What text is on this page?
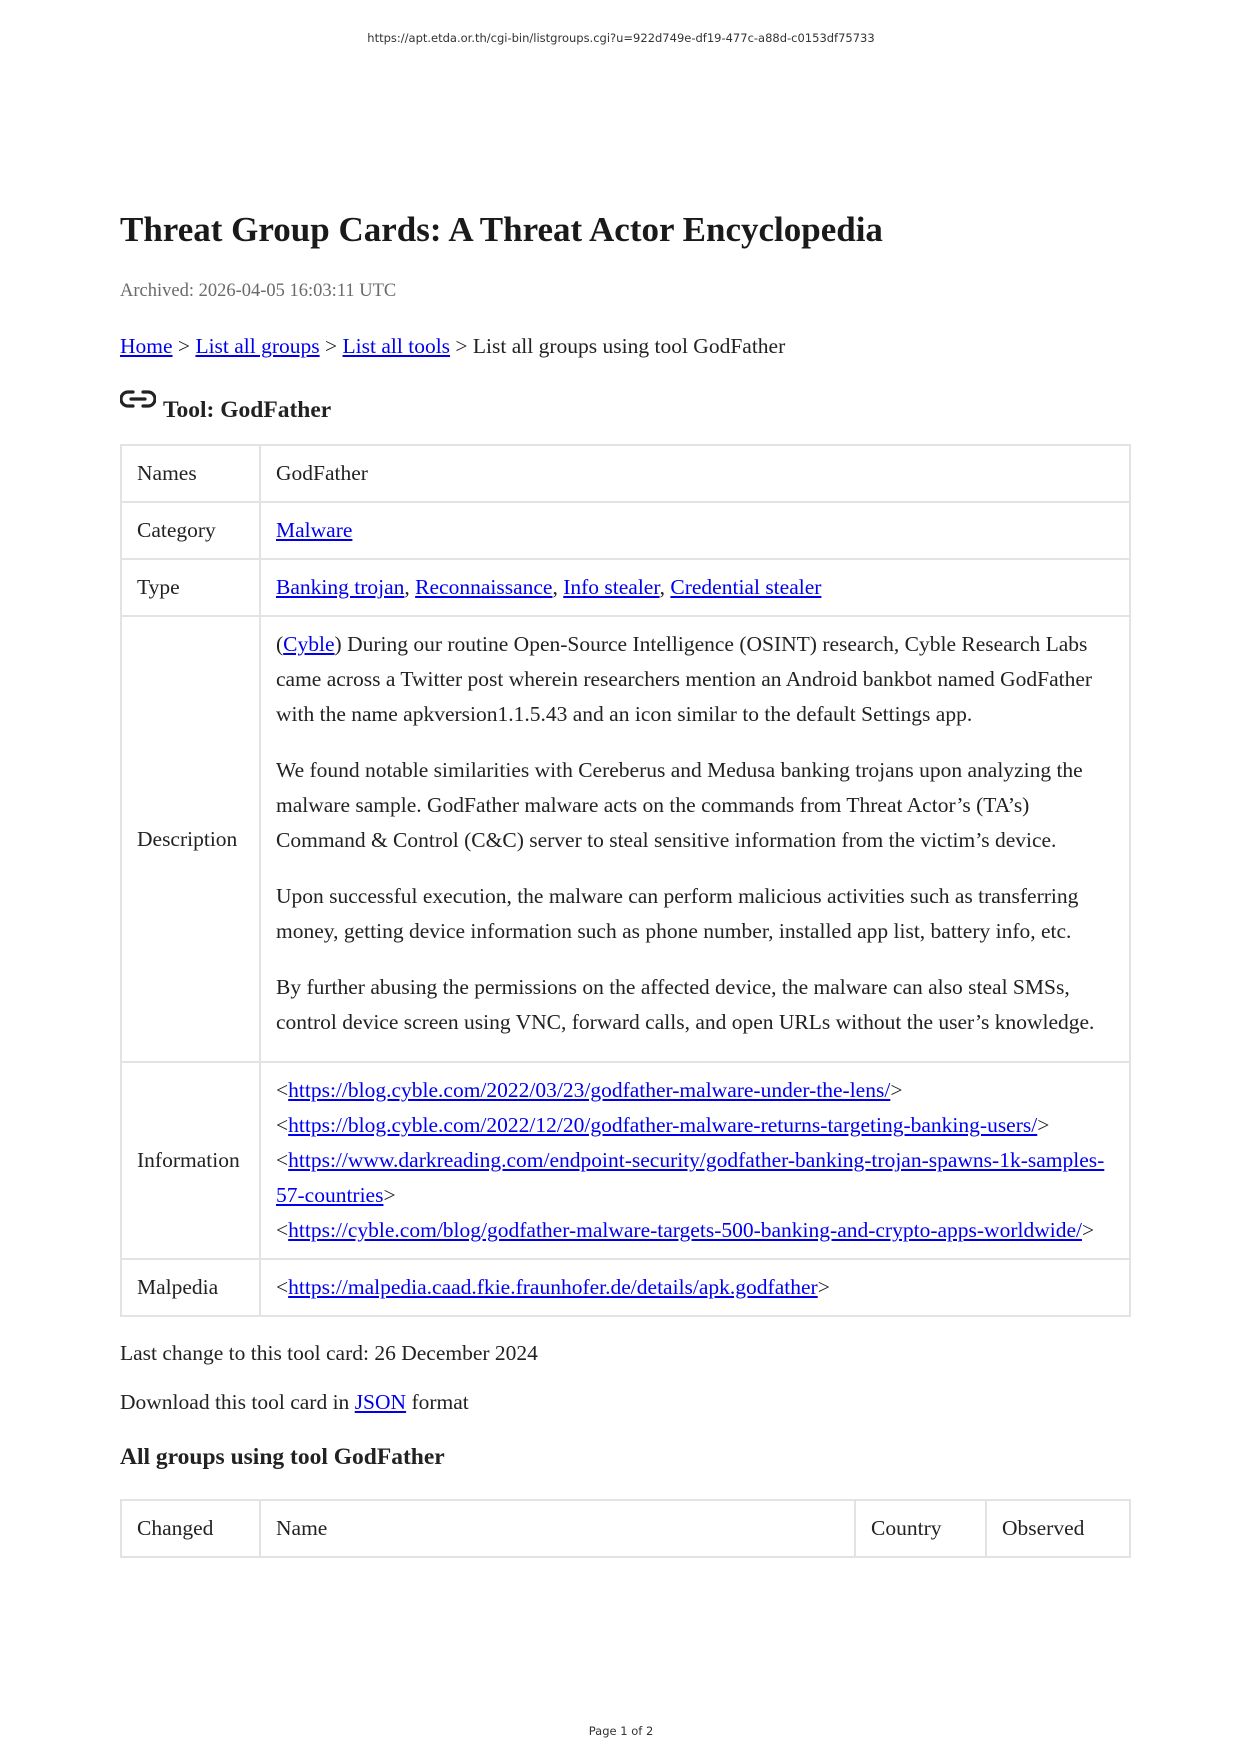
https://apt.etda.or.th/cgi-bin/listgroups.cgi?u=922d749e-df19-477c-a88d-c0153df75733
Threat Group Cards: A Threat Actor Encyclopedia
Archived: 2026-04-05 16:03:11 UTC
Home > List all groups > List all tools > List all groups using tool GodFather
Tool: GodFather
Names	GodFather
Category	Malware
Type	Banking trojan, Reconnaissance, Info stealer, Credential stealer
Description	(Cyble) During our routine Open-Source Intelligence (OSINT) research, Cyble Research Labs came across a Twitter post wherein researchers mention an Android bankbot named GodFather with the name apkversion1.1.5.43 and an icon similar to the default Settings app.

We found notable similarities with Cereberus and Medusa banking trojans upon analyzing the malware sample. GodFather malware acts on the commands from Threat Actor’s (TA’s) Command & Control (C&C) server to steal sensitive information from the victim’s device.

Upon successful execution, the malware can perform malicious activities such as transferring money, getting device information such as phone number, installed app list, battery info, etc.

By further abusing the permissions on the affected device, the malware can also steal SMSs, control device screen using VNC, forward calls, and open URLs without the user’s knowledge.

Information	<https://blog.cyble.com/2022/03/23/godfather-malware-under-the-lens/>
<https://blog.cyble.com/2022/12/20/godfather-malware-returns-targeting-banking-users/>
<https://www.darkreading.com/endpoint-security/godfather-banking-trojan-spawns-1k-samples-57-countries>
<https://cyble.com/blog/godfather-malware-targets-500-banking-and-crypto-apps-worldwide/>

Malpedia	<https://malpedia.caad.fkie.fraunhofer.de/details/apk.godfather>
Last change to this tool card: 26 December 2024
Download this tool card in JSON format
All groups using tool GodFather
Changed	Name	Country	Observed
Page 1 of 2
